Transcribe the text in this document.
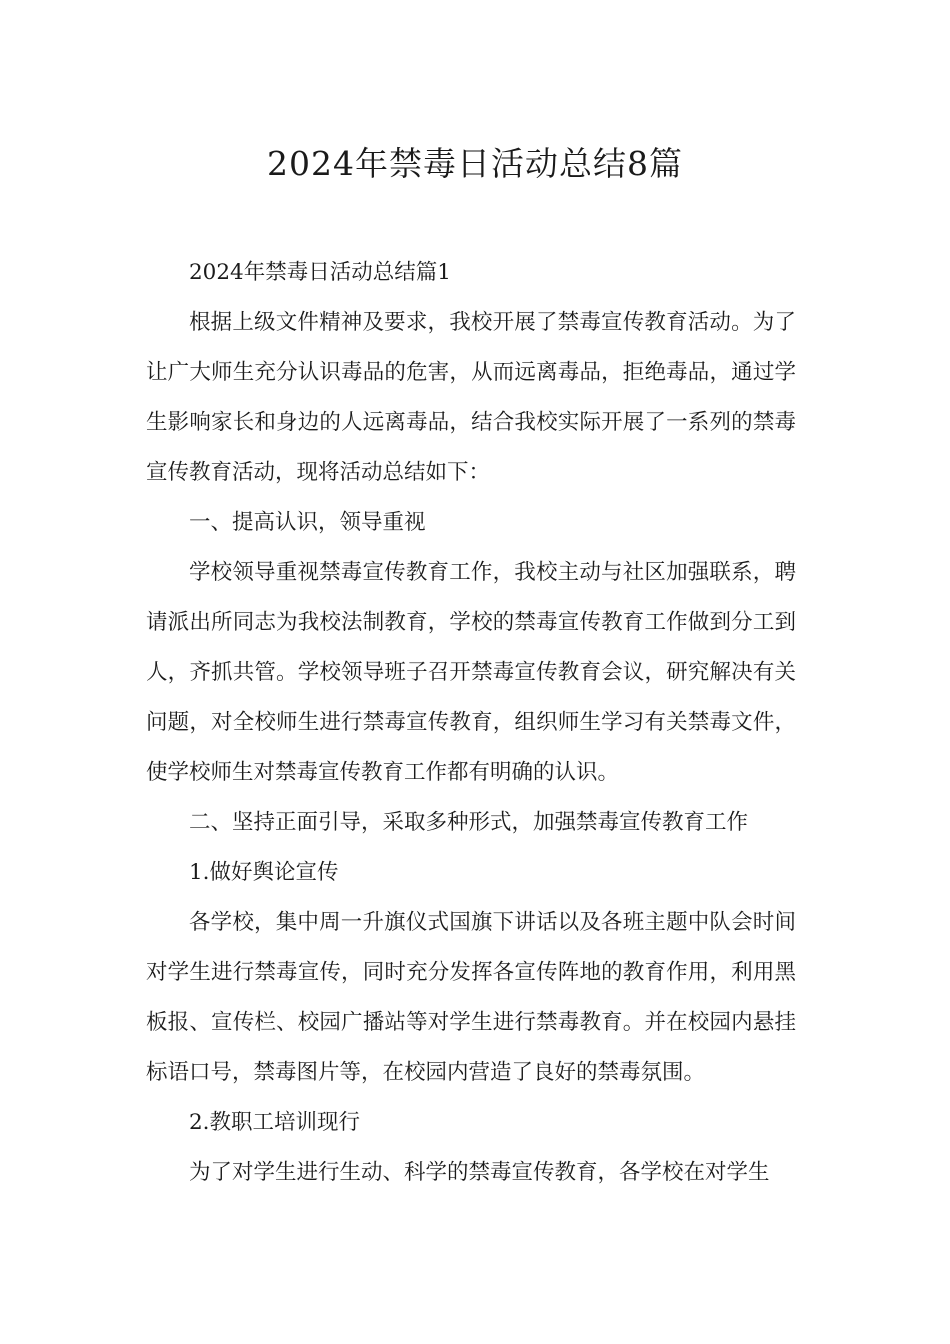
2024年禁毒日活动总结8篇

2024年禁毒日活动总结篇1

根据上级文件精神及要求，我校开展了禁毒宣传教育活动。为了让广大师生充分认识毒品的危害，从而远离毒品，拒绝毒品，通过学生影响家长和身边的人远离毒品，结合我校实际开展了一系列的禁毒宣传教育活动，现将活动总结如下：

一、提高认识，领导重视

学校领导重视禁毒宣传教育工作，我校主动与社区加强联系，聘请派出所同志为我校法制教育，学校的禁毒宣传教育工作做到分工到人，齐抓共管。学校领导班子召开禁毒宣传教育会议，研究解决有关问题，对全校师生进行禁毒宣传教育，组织师生学习有关禁毒文件，使学校师生对禁毒宣传教育工作都有明确的认识。

二、坚持正面引导，采取多种形式，加强禁毒宣传教育工作

1.做好舆论宣传

各学校，集中周一升旗仪式国旗下讲话以及各班主题中队会时间对学生进行禁毒宣传，同时充分发挥各宣传阵地的教育作用，利用黑板报、宣传栏、校园广播站等对学生进行禁毒教育。并在校园内悬挂标语口号，禁毒图片等，在校园内营造了良好的禁毒氛围。

2.教职工培训现行

为了对学生进行生动、科学的禁毒宣传教育，各学校在对学生
